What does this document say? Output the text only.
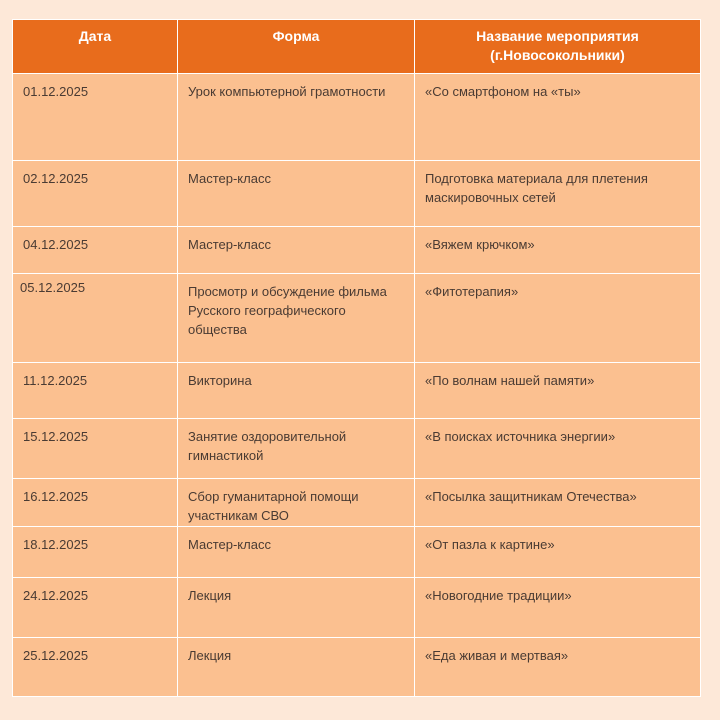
Дата	Форма	Название мероприятия
(г.Новосокольники)

01.12.2025	Урок компьютерной грамотности	«Со смартфоном на «ты»
02.12.2025	Мастер-класс	Подготовка материала для плетения маскировочных сетей
04.12.2025	Мастер-класс	«Вяжем крючком»
05.12.2025	Просмотр и обсуждение фильма Русского географического общества	«Фитотерапия»
11.12.2025	Викторина	«По волнам нашей памяти»
15.12.2025	Занятие оздоровительной гимнастикой	«В поисках источника энергии»
16.12.2025	Сбор гуманитарной помощи участникам СВО	«Посылка защитникам Отечества»
18.12.2025	Мастер-класс	«От пазла к картине»
24.12.2025	Лекция	«Новогодние традиции»
25.12.2025	Лекция	«Еда живая и мертвая»
